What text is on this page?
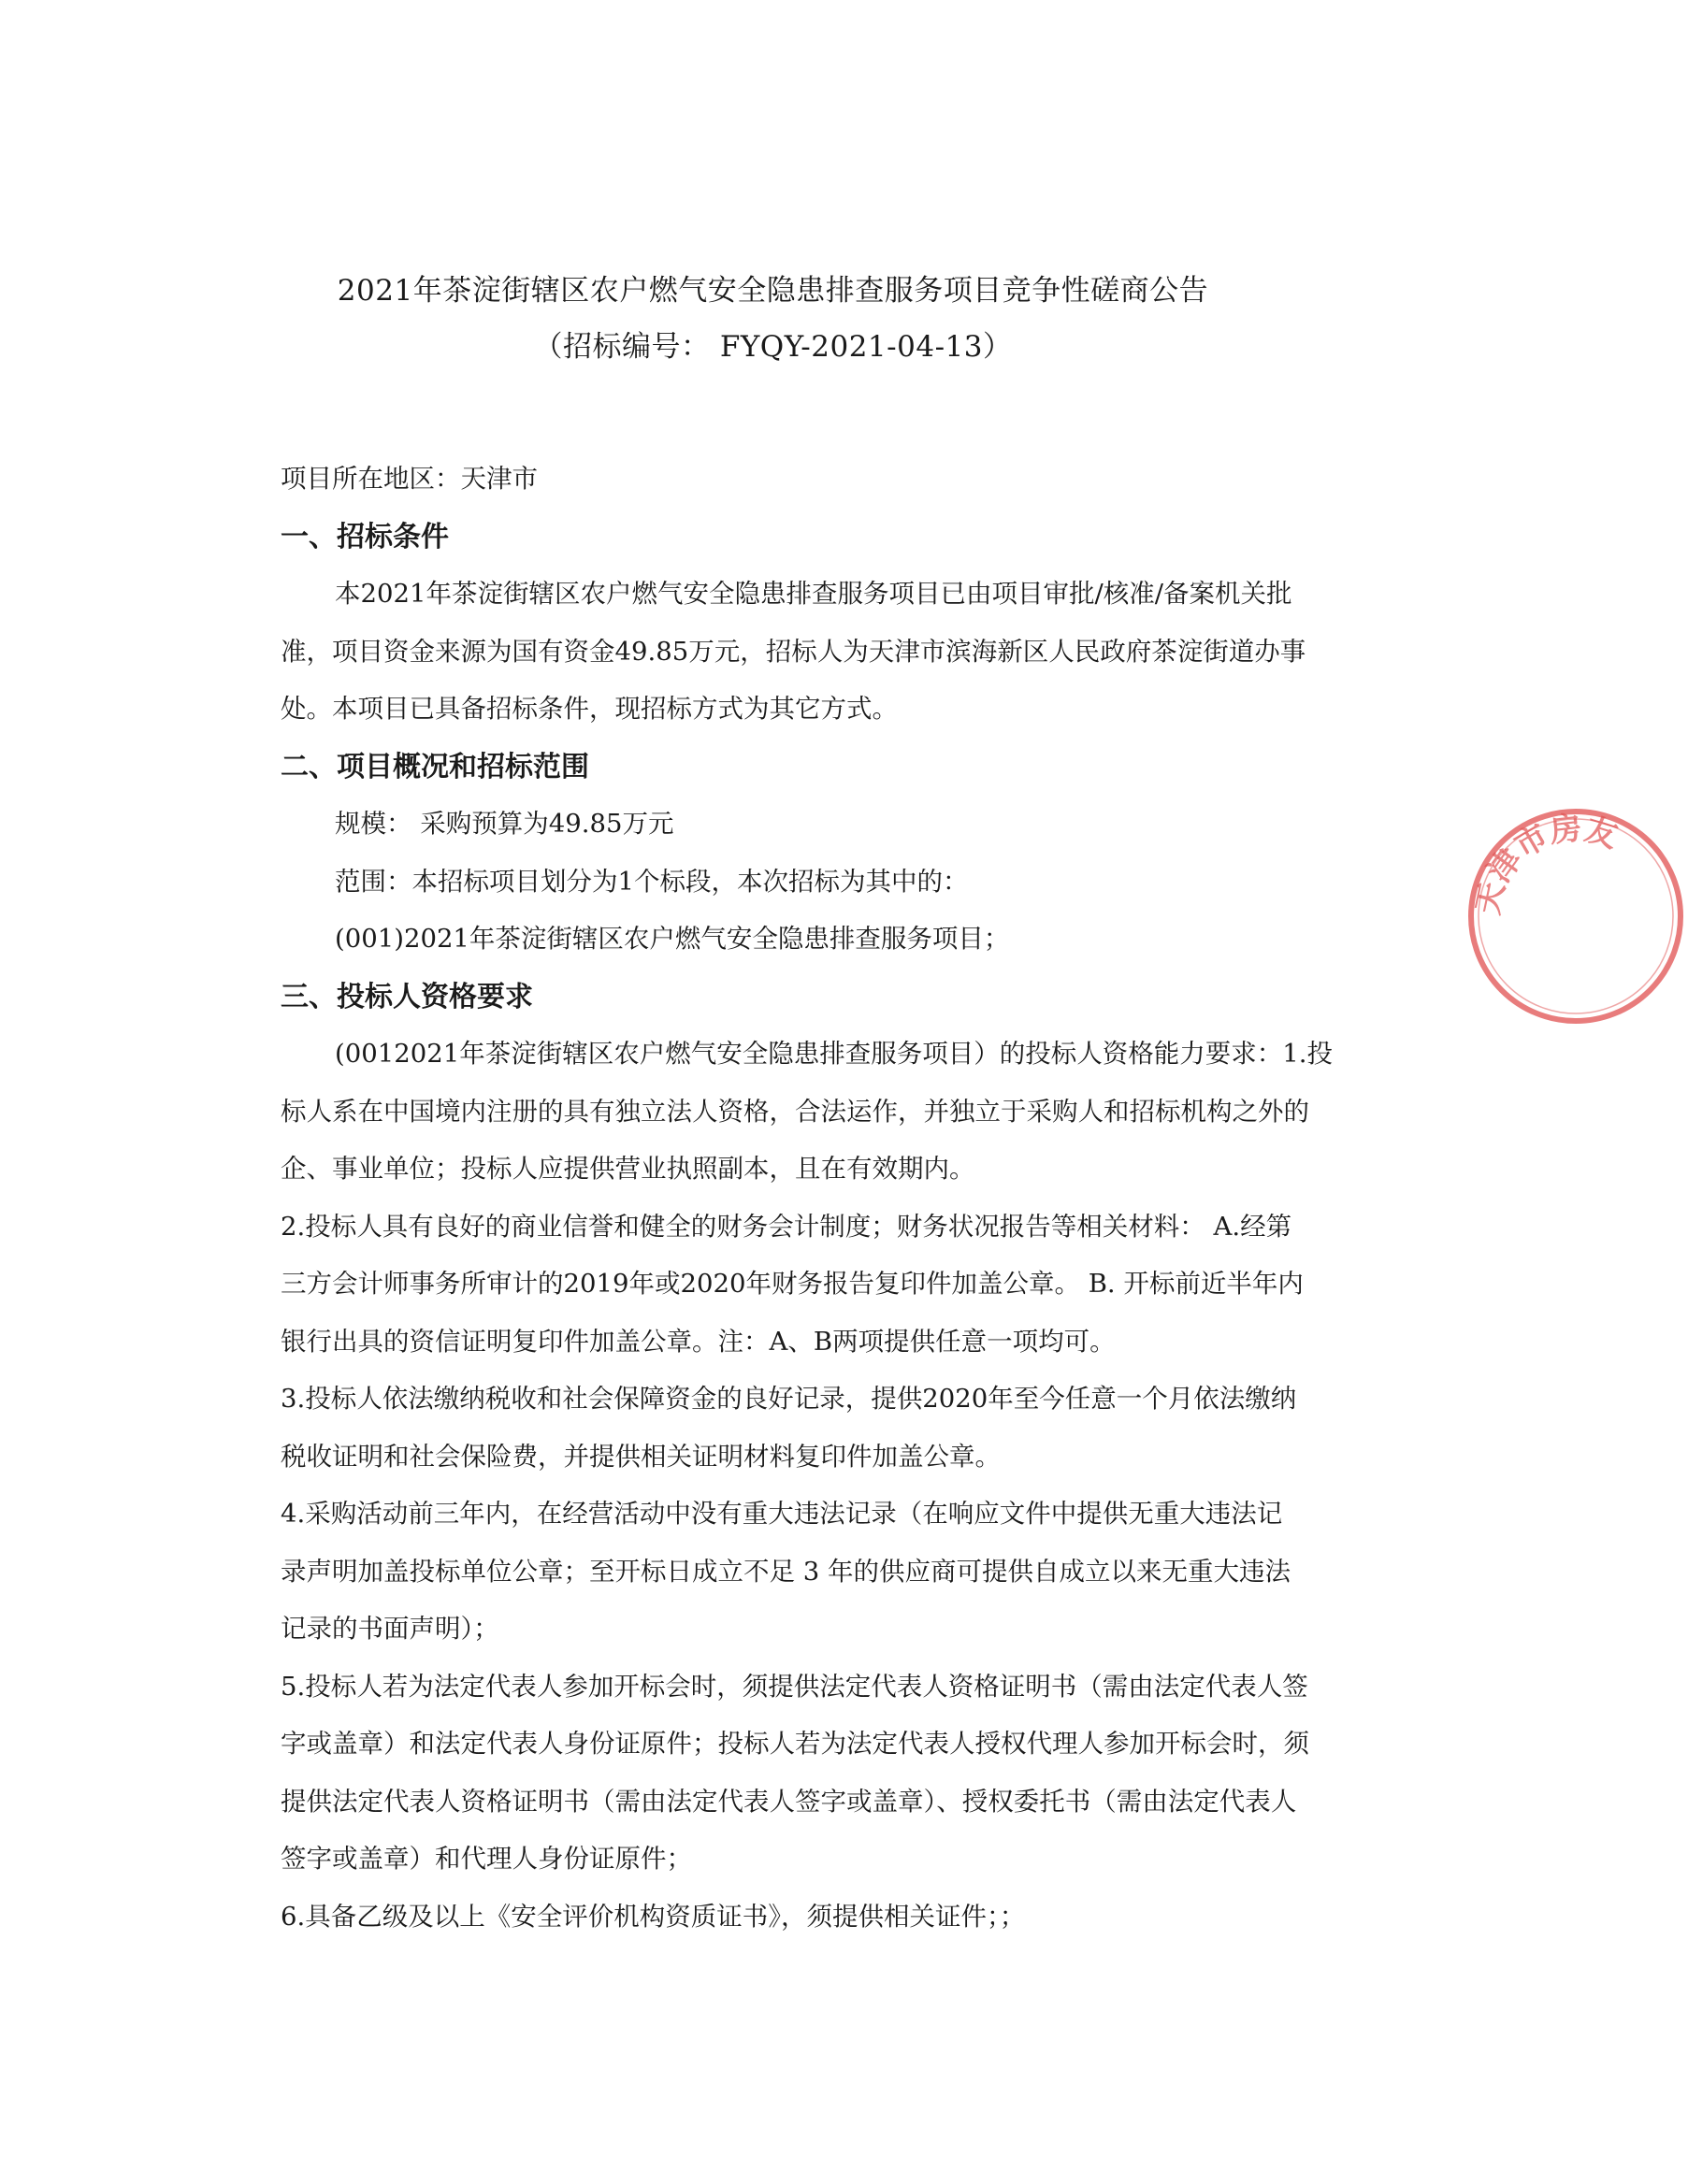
2021年茶淀街辖区农户燃气安全隐患排查服务项目竞争性磋商公告
（招标编号： FYQY-2021-04-13）
项目所在地区：天津市
一、招标条件
本2021年茶淀街辖区农户燃气安全隐患排查服务项目已由项目审批/核准/备案机关批
准，项目资金来源为国有资金49.85万元，招标人为天津市滨海新区人民政府茶淀街道办事
处。本项目已具备招标条件，现招标方式为其它方式。
二、项目概况和招标范围
规模： 采购预算为49.85万元
范围：本招标项目划分为1个标段，本次招标为其中的：
(001)2021年茶淀街辖区农户燃气安全隐患排查服务项目；
三、投标人资格要求
(0012021年茶淀街辖区农户燃气安全隐患排查服务项目）的投标人资格能力要求：1.投
标人系在中国境内注册的具有独立法人资格，合法运作，并独立于采购人和招标机构之外的
企、事业单位；投标人应提供营业执照副本，且在有效期内。
2.投标人具有良好的商业信誉和健全的财务会计制度；财务状况报告等相关材料： A.经第
三方会计师事务所审计的2019年或2020年财务报告复印件加盖公章。 B. 开标前近半年内
银行出具的资信证明复印件加盖公章。注：A、B两项提供任意一项均可。
3.投标人依法缴纳税收和社会保障资金的良好记录，提供2020年至今任意一个月依法缴纳
税收证明和社会保险费，并提供相关证明材料复印件加盖公章。
4.采购活动前三年内，在经营活动中没有重大违法记录（在响应文件中提供无重大违法记
录声明加盖投标单位公章；至开标日成立不足 3 年的供应商可提供自成立以来无重大违法
记录的书面声明）；
5.投标人若为法定代表人参加开标会时，须提供法定代表人资格证明书（需由法定代表人签
字或盖章）和法定代表人身份证原件；投标人若为法定代表人授权代理人参加开标会时，须
提供法定代表人资格证明书（需由法定代表人签字或盖章）、授权委托书（需由法定代表人
签字或盖章）和代理人身份证原件；
6.具备乙级及以上《安全评价机构资质证书》，须提供相关证件；；
天津市房友
